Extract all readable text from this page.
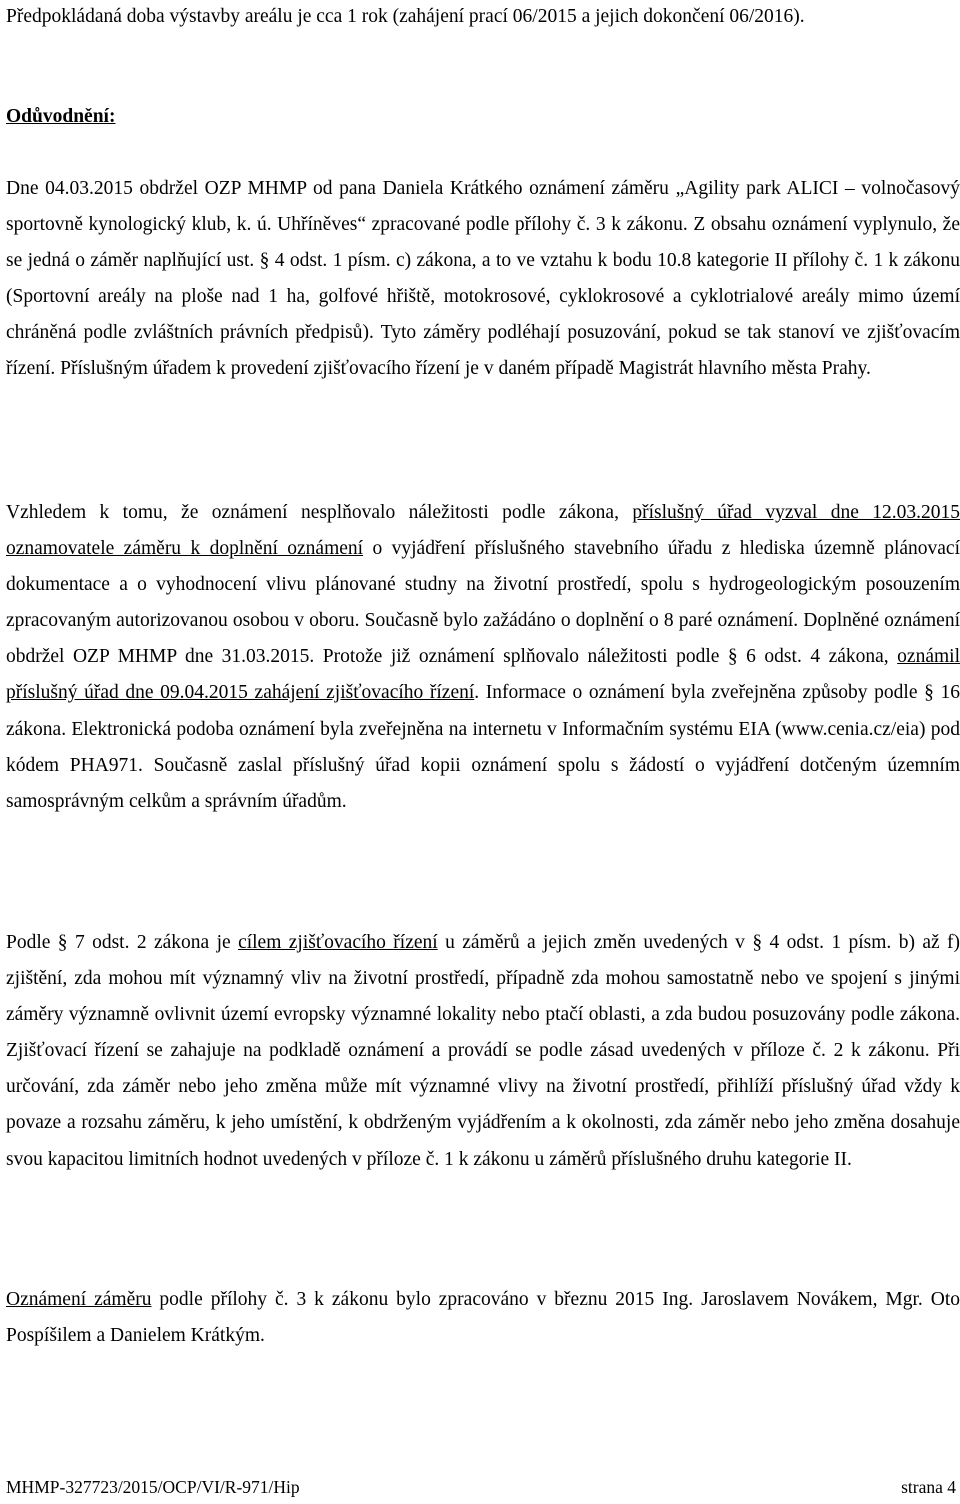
Předpokládaná doba výstavby areálu je cca 1 rok (zahájení prací 06/2015 a jejich dokončení 06/2016).
Odůvodnění:
Dne 04.03.2015 obdržel OZP MHMP od pana Daniela Krátkého oznámení záměru „Agility park ALICI – volnočasový sportovně kynologický klub, k. ú. Uhříněves“ zpracované podle přílohy č. 3 k zákonu. Z obsahu oznámení vyplynulo, že se jedná o záměr naplňující ust. § 4 odst. 1 písm. c) zákona, a to ve vztahu k bodu 10.8 kategorie II přílohy č. 1 k zákonu (Sportovní areály na ploše nad 1 ha, golfové hřiště, motokrosové, cyklokrosové a cyklotrialové areály mimo území chráněná podle zvláštních právních předpisů). Tyto záměry podléhají posuzování, pokud se tak stanoví ve zjišťovacím řízení. Příslušným úřadem k provedení zjišťovacího řízení je v daném případě Magistrát hlavního města Prahy.
Vzhledem k tomu, že oznámení nesplňovalo náležitosti podle zákona, příslušný úřad vyzval dne 12.03.2015 oznamovatele záměru k doplnění oznámení o vyjádření příslušného stavebního úřadu z hlediska územně plánovací dokumentace a o vyhodnocení vlivu plánované studny na životní prostředí, spolu s hydrogeologickým posouzením zpracovaným autorizovanou osobou v oboru. Současně bylo zažádáno o doplnění o 8 paré oznámení. Doplněné oznámení obdržel OZP MHMP dne 31.03.2015. Protože již oznámení splňovalo náležitosti podle § 6 odst. 4 zákona, oznámil příslušný úřad dne 09.04.2015 zahájení zjišťovacího řízení. Informace o oznámení byla zveřejněna způsoby podle § 16 zákona. Elektronická podoba oznámení byla zveřejněna na internetu v Informačním systému EIA (www.cenia.cz/eia) pod kódem PHA971. Současně zaslal příslušný úřad kopii oznámení spolu s žádostí o vyjádření dotčeným územním samosprávným celkům a správním úřadům.
Podle § 7 odst. 2 zákona je cílem zjišťovacího řízení u záměrů a jejich změn uvedených v § 4 odst. 1 písm. b) až f) zjištění, zda mohou mít významný vliv na životní prostředí, případně zda mohou samostatně nebo ve spojení s jinými záměry významně ovlivnit území evropsky významné lokality nebo ptačí oblasti, a zda budou posuzovány podle zákona. Zjišťovací řízení se zahajuje na podkladě oznámení a provádí se podle zásad uvedených v příloze č. 2 k zákonu. Při určování, zda záměr nebo jeho změna může mít významné vlivy na životní prostředí, přihlíží příslušný úřad vždy k povaze a rozsahu záměru, k jeho umístění, k obdrženým vyjádřením a k okolnosti, zda záměr nebo jeho změna dosahuje svou kapacitou limitních hodnot uvedených v příloze č. 1 k zákonu u záměrů příslušného druhu kategorie II.
Oznámení záměru podle přílohy č. 3 k zákonu bylo zpracováno v březnu 2015 Ing. Jaroslavem Novákem, Mgr. Oto Pospíšilem a Danielem Krátkým.
MHMP-327723/2015/OCP/VI/R-971/Hip	strana 4
